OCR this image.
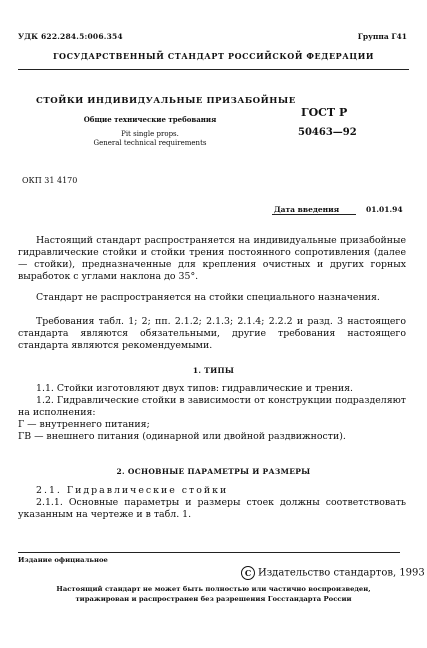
УДК 622.284.5:006.354	Группа Г41
ГОСУДАРСТВЕННЫЙ СТАНДАРТ РОССИЙСКОЙ ФЕДЕРАЦИИ
СТОЙКИ ИНДИВИДУАЛЬНЫЕ ПРИЗАБОЙНЫЕ
Общие технические требования
Pit single props.
General technical requirements
ГОСТ Р
50463—92
ОКП 31 4170
Дата введения	01.01.94
Настоящий стандарт распространяется на индивидуальные призабойные гидравлические стойки и стойки трения постоянного сопротивления (далее — стойки), предназначенные для крепления очистных и других горных выработок с углами наклона до 35°.
Стандарт не распространяется на стойки специального назначения.
Требования табл. 1; 2; пп. 2.1.2; 2.1.3; 2.1.4; 2.2.2 и разд. 3 настоящего стандарта являются обязательными, другие требования настоящего стандарта являются рекомендуемыми.
1. ТИПЫ
1.1. Стойки изготовляют двух типов: гидравлические и трения.
1.2. Гидравлические стойки в зависимости от конструкции подразделяют на исполнения:
Г — внутреннего питания;
ГВ — внешнего питания (одинарной или двойной раздвижности).
2. ОСНОВНЫЕ ПАРАМЕТРЫ И РАЗМЕРЫ
2.1. Гидравлические стойки
2.1.1. Основные параметры и размеры стоек должны соответствовать указанным на чертеже и в табл. 1.
Издание официальное
C Издательство стандартов, 1993
Настоящий стандарт не может быть полностью или частично воспроизведен,
тиражирован и распространен без разрешения Госстандарта России
